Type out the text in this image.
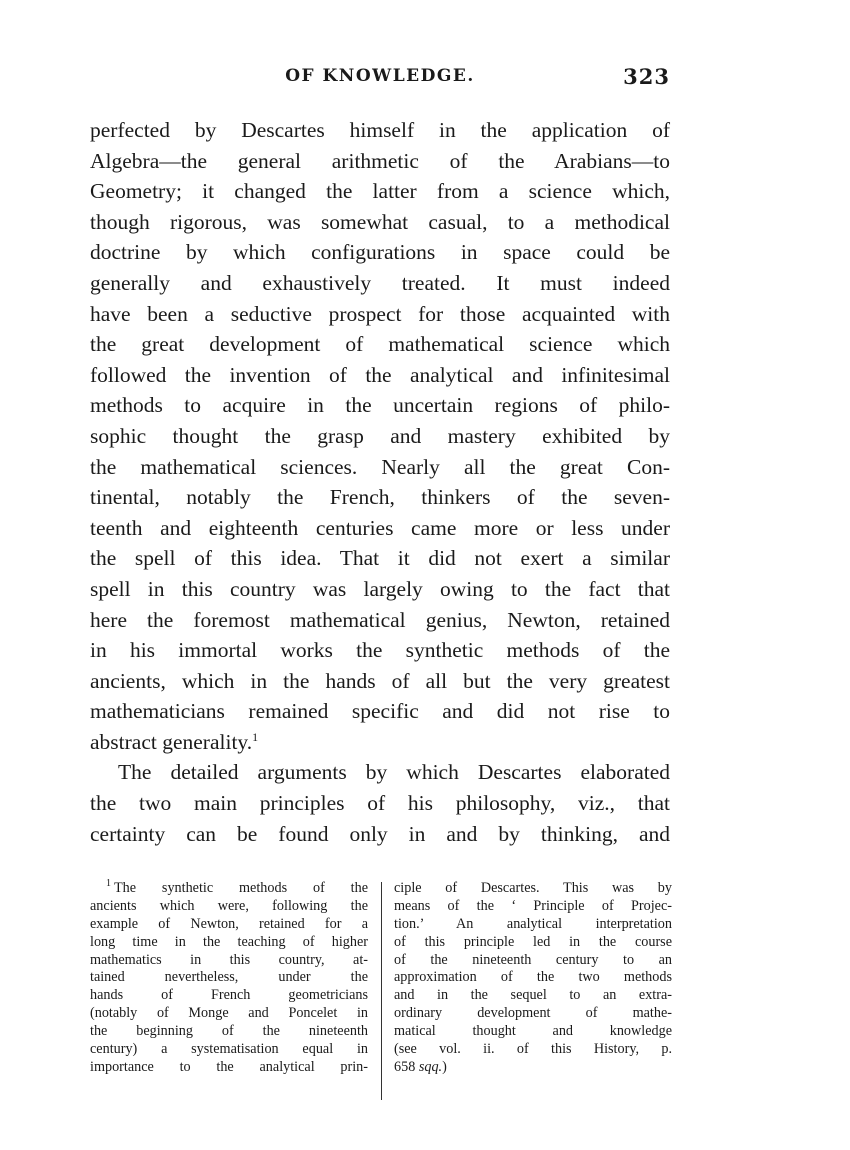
OF KNOWLEDGE.	323
perfected by Descartes himself in the application of
Algebra—the general arithmetic of the Arabians—to
Geometry; it changed the latter from a science which,
though rigorous, was somewhat casual, to a methodical
doctrine by which configurations in space could be
generally and exhaustively treated. It must indeed
have been a seductive prospect for those acquainted with
the great development of mathematical science which
followed the invention of the analytical and infinitesimal
methods to acquire in the uncertain regions of philo-
sophic thought the grasp and mastery exhibited by
the mathematical sciences. Nearly all the great Con-
tinental, notably the French, thinkers of the seven-
teenth and eighteenth centuries came more or less under
the spell of this idea. That it did not exert a similar
spell in this country was largely owing to the fact that
here the foremost mathematical genius, Newton, retained
in his immortal works the synthetic methods of the
ancients, which in the hands of all but the very greatest
mathematicians remained specific and did not rise to
abstract generality.$^1$
The detailed arguments by which Descartes elaborated
the two main principles of his philosophy, viz., that
certainty can be found only in and by thinking, and
$^1$ The synthetic methods of the
ancients which were, following the
example of Newton, retained for a
long time in the teaching of higher
mathematics in this country, at-
tained nevertheless, under the
hands of French geometricians
(notably of Monge and Poncelet in
the beginning of the nineteenth
century) a systematisation equal in
importance to the analytical prin-
ciple of Descartes. This was by
means of the ‘ Principle of Projec-
tion.’ An analytical interpretation
of this principle led in the course
of the nineteenth century to an
approximation of the two methods
and in the sequel to an extra-
ordinary development of mathe-
matical thought and knowledge
(see vol. ii. of this History, p.
658 sqq.)
